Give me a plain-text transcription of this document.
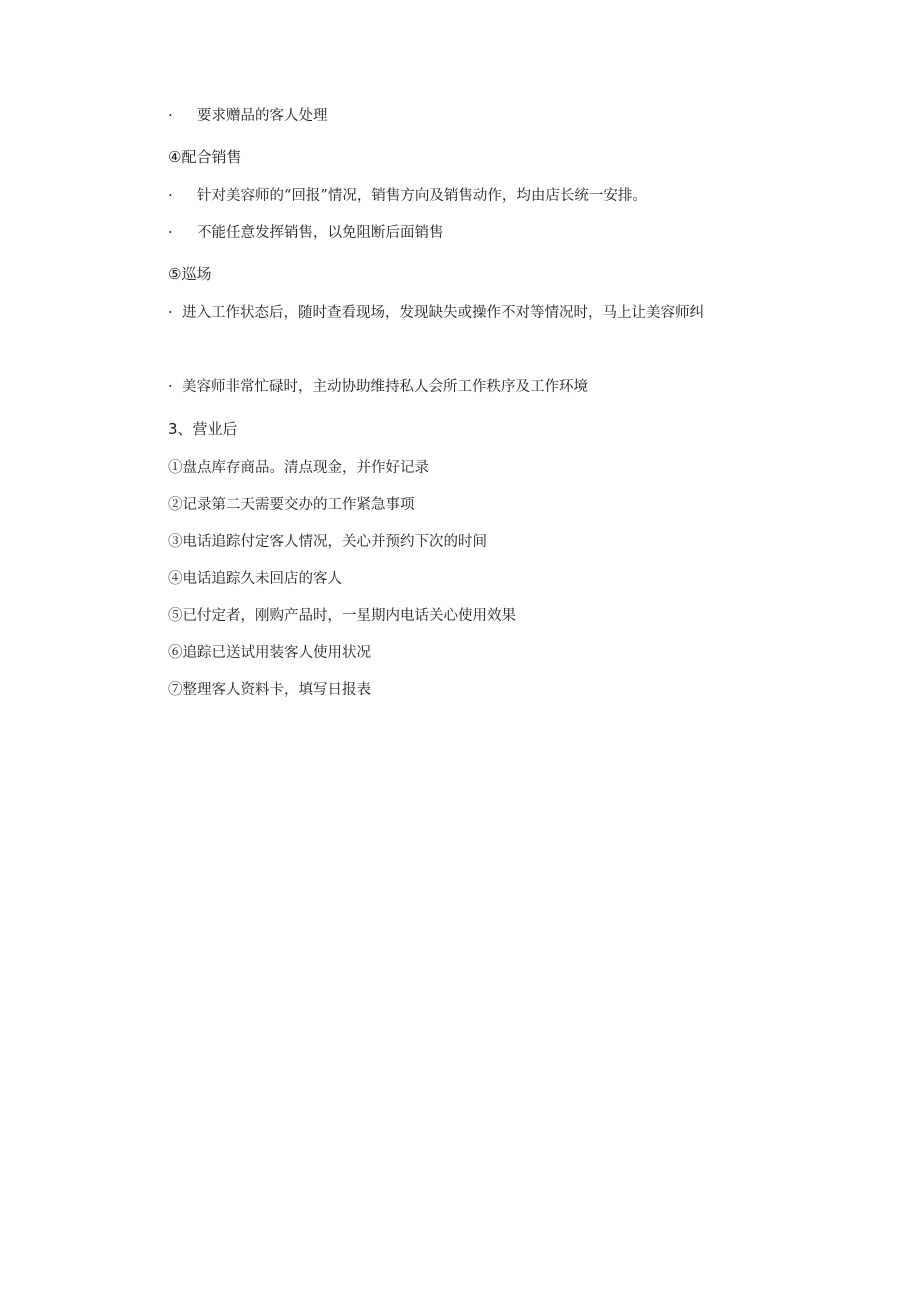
· 要求赠品的客人处理
④配合销售
· 针对美容师的“回报”情况，销售方向及销售动作，均由店长统一安排。
· 不能任意发挥销售，以免阻断后面销售
⑤巡场
· 进入工作状态后，随时查看现场，发现缺失或操作不对等情况时，马上让美容师纠
· 美容师非常忙碌时，主动协助维持私人会所工作秩序及工作环境
3、营业后
①盘点库存商品。清点现金，并作好记录
②记录第二天需要交办的工作紧急事项
③电话追踪付定客人情况，关心并预约下次的时间
④电话追踪久未回店的客人
⑤已付定者，刚购产品时，一星期内电话关心使用效果
⑥追踪已送试用装客人使用状况
⑦整理客人资料卡，填写日报表
